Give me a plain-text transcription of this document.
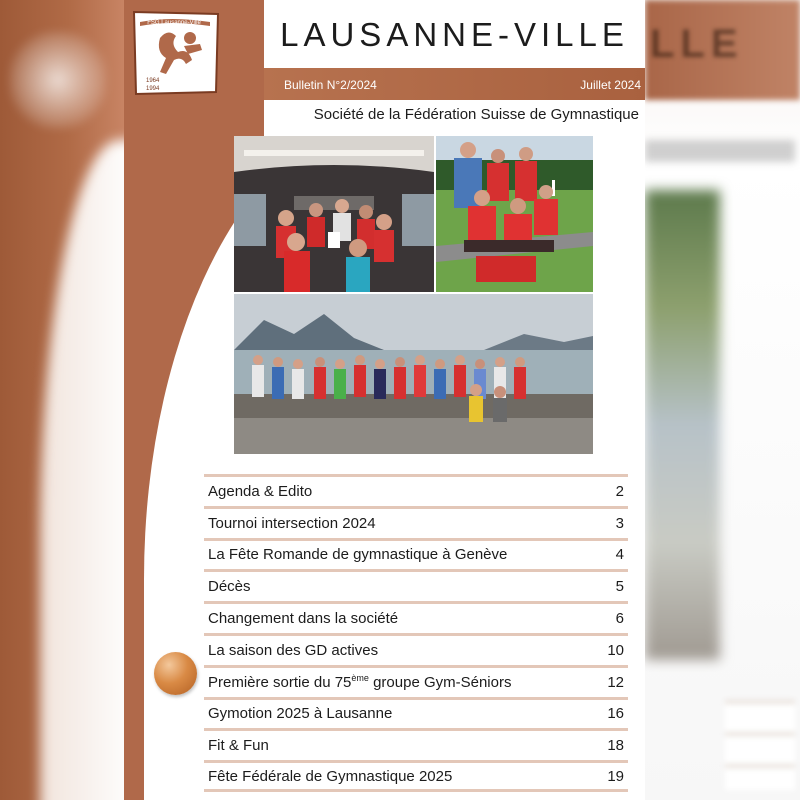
LLE
LAUSANNE-VILLE
Bulletin N°2/2024	Juillet 2024
Société de la Fédération Suisse de Gymnastique
FSG Lausanne-Ville
1964
1994
Agenda & Edito	2
Tournoi intersection 2024	3
La Fête Romande de gymnastique à Genève	4
Décès	5
Changement dans la société	6
La saison des GD actives	10
Première sortie du 75ème groupe Gym-Séniors	12
Gymotion 2025 à Lausanne	16
Fit & Fun	18
Fête Fédérale de Gymnastique 2025	19
